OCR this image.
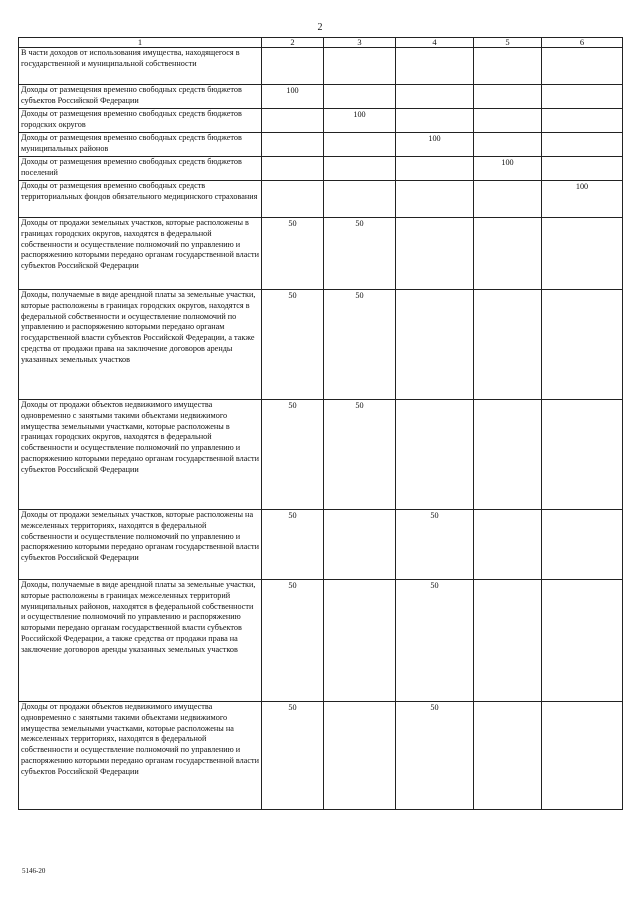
2
1	2	3	4	5	6
В части доходов от использования имущества, находящегося в государственной и муниципальной собственности					
Доходы от размещения временно свободных средств бюджетов субъектов Российской Федерации	100				
Доходы от размещения временно свободных средств бюджетов городских округов		100			
Доходы от размещения временно свободных средств бюджетов муниципальных районов			100		
Доходы от размещения временно свободных средств бюджетов поселений				100	
Доходы от размещения временно свободных средств территориальных фондов обязательного медицинского страхования					100
Доходы от продажи земельных участков, которые расположены в границах городских округов, находятся в федеральной собственности и осуществление полномочий по управлению и распоряжению которыми передано органам государственной власти субъектов Российской Федерации	50	50			
Доходы, получаемые в виде арендной платы за земельные участки, которые расположены в границах городских округов, находятся в федеральной собственности и осуществление полномочий по управлению и распоряжению которыми передано органам государственной власти субъектов Российской Федерации, а также средства от продажи права на заключение договоров аренды указанных земельных участков	50	50			
Доходы от продажи объектов недвижимого имущества одновременно с занятыми такими объектами недвижимого имущества земельными участками, которые расположены в границах городских округов, находятся в федеральной собственности и осуществление полномочий по управлению и распоряжению которыми передано органам государственной власти субъектов Российской Федерации	50	50			
Доходы от продажи земельных участков, которые расположены на межселенных территориях, находятся в федеральной собственности и осуществление полномочий по управлению и распоряжению которыми передано органам государственной власти субъектов Российской Федерации	50		50		
Доходы, получаемые в виде арендной платы за земельные участки, которые расположены в границах межселенных территорий муниципальных районов, находятся в федеральной собственности и осуществление полномочий по управлению и распоряжению которыми передано органам государственной власти субъектов Российской Федерации, а также средства от продажи права на заключение договоров аренды указанных земельных участков	50		50		
Доходы от продажи объектов недвижимого имущества одновременно с занятыми такими объектами недвижимого имущества земельными участками, которые расположены на межселенных территориях, находятся в федеральной собственности и осуществление полномочий по управлению и распоряжению которыми передано органам государственной власти субъектов Российской Федерации	50		50		
5146-20
